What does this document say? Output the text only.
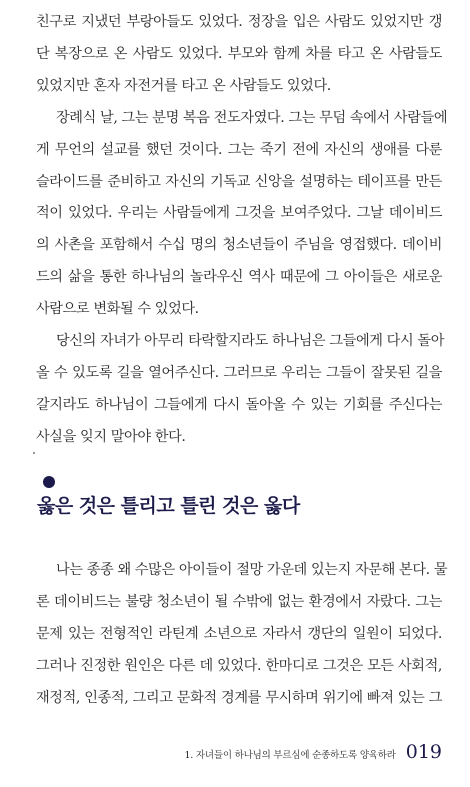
친구로 지냈던 부랑아들도 있었다. 정장을 입은 사람도 있었지만 갱
단 복장으로 온 사람도 있었다. 부모와 함께 차를 타고 온 사람들도
있었지만 혼자 자전거를 타고 온 사람들도 있었다.
장례식 날, 그는 분명 복음 전도자였다. 그는 무덤 속에서 사람들에
게 무언의 설교를 했던 것이다. 그는 죽기 전에 자신의 생애를 다룬
슬라이드를 준비하고 자신의 기독교 신앙을 설명하는 테이프를 만든
적이 있었다. 우리는 사람들에게 그것을 보여주었다. 그날 데이비드
의 사촌을 포함해서 수십 명의 청소년들이 주님을 영접했다. 데이비
드의 삶을 통한 하나님의 놀라우신 역사 때문에 그 아이들은 새로운
사람으로 변화될 수 있었다.
당신의 자녀가 아무리 타락할지라도 하나님은 그들에게 다시 돌아
올 수 있도록 길을 열어주신다. 그러므로 우리는 그들이 잘못된 길을
갈지라도 하나님이 그들에게 다시 돌아올 수 있는 기회를 주신다는
사실을 잊지 말아야 한다.
옳은 것은 틀리고 틀린 것은 옳다
나는 종종 왜 수많은 아이들이 절망 가운데 있는지 자문해 본다. 물
론 데이비드는 불량 청소년이 될 수밖에 없는 환경에서 자랐다. 그는
문제 있는 전형적인 라틴계 소년으로 자라서 갱단의 일원이 되었다.
그러나 진정한 원인은 다른 데 있었다. 한마디로 그것은 모든 사회적,
재정적, 인종적, 그리고 문화적 경계를 무시하며 위기에 빠져 있는 그
1. 자녀들이 하나님의 부르심에 순종하도록 양육하라 019
